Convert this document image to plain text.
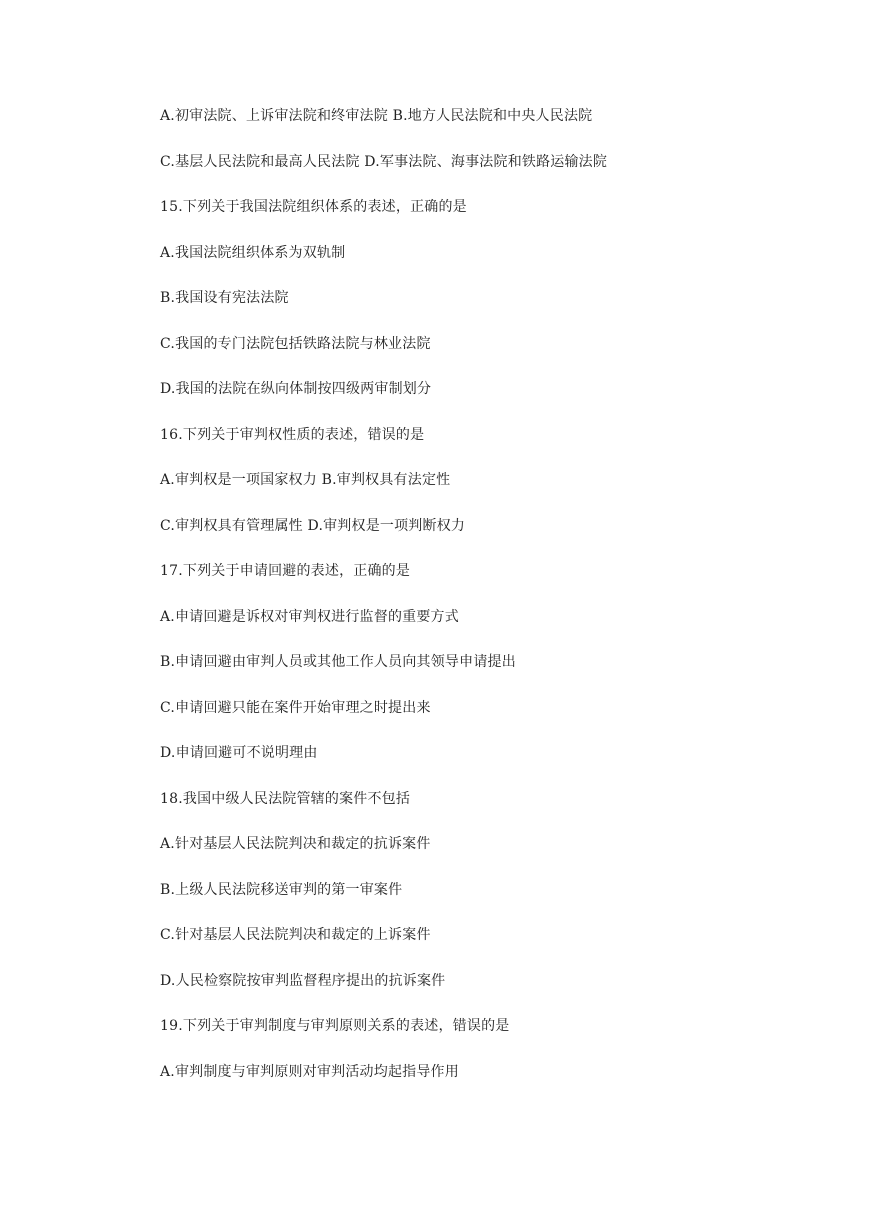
A.初审法院、上诉审法院和终审法院 B.地方人民法院和中央人民法院
C.基层人民法院和最高人民法院 D.军事法院、海事法院和铁路运输法院
15.下列关于我国法院组织体系的表述，正确的是
A.我国法院组织体系为双轨制
B.我国设有宪法法院
C.我国的专门法院包括铁路法院与林业法院
D.我国的法院在纵向体制按四级两审制划分
16.下列关于审判权性质的表述，错误的是
A.审判权是一项国家权力 B.审判权具有法定性
C.审判权具有管理属性 D.审判权是一项判断权力
17.下列关于申请回避的表述，正确的是
A.申请回避是诉权对审判权进行监督的重要方式
B.申请回避由审判人员或其他工作人员向其领导申请提出
C.申请回避只能在案件开始审理之时提出来
D.申请回避可不说明理由
18.我国中级人民法院管辖的案件不包括
A.针对基层人民法院判决和裁定的抗诉案件
B.上级人民法院移送审判的第一审案件
C.针对基层人民法院判决和裁定的上诉案件
D.人民检察院按审判监督程序提出的抗诉案件
19.下列关于审判制度与审判原则关系的表述，错误的是
A.审判制度与审判原则对审判活动均起指导作用
